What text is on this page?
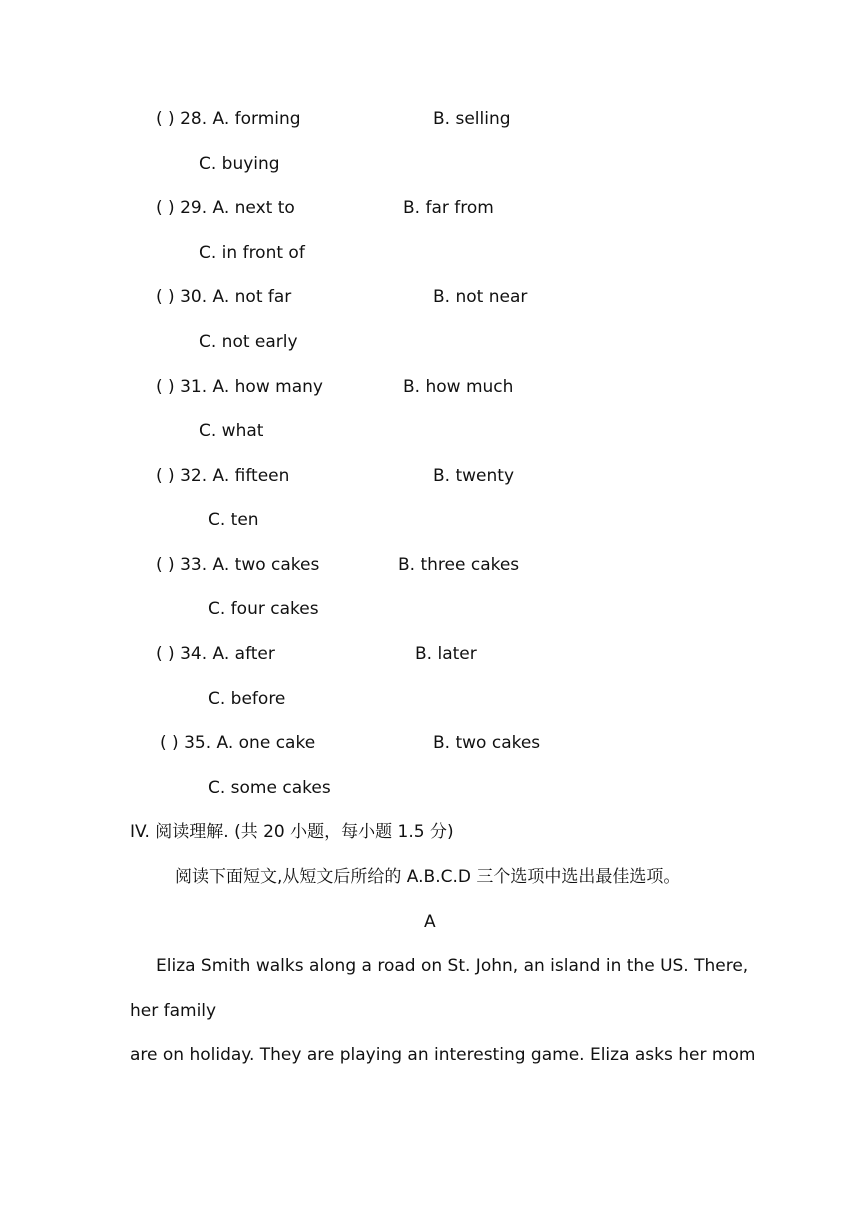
( ) 28. A. forming	B. selling
C. buying
( ) 29. A. next to	B. far from
C. in front of
( ) 30. A. not far	B. not near
C. not early
( ) 31. A. how many	B. how much
C. what
( ) 32. A. fifteen	B. twenty
C. ten
( ) 33. A. two cakes	B. three cakes
C. four cakes
( ) 34. A. after	B. later
C. before
( ) 35. A. one cake	B. two cakes
C. some cakes
IV. 阅读理解. (共 20 小题，每小题 1.5 分)
阅读下面短文,从短文后所给的 A.B.C.D 三个选项中选出最佳选项。
A
Eliza Smith walks along a road on St. John, an island in the US. There,
her family
are on holiday. They are playing an interesting game. Eliza asks her mom
